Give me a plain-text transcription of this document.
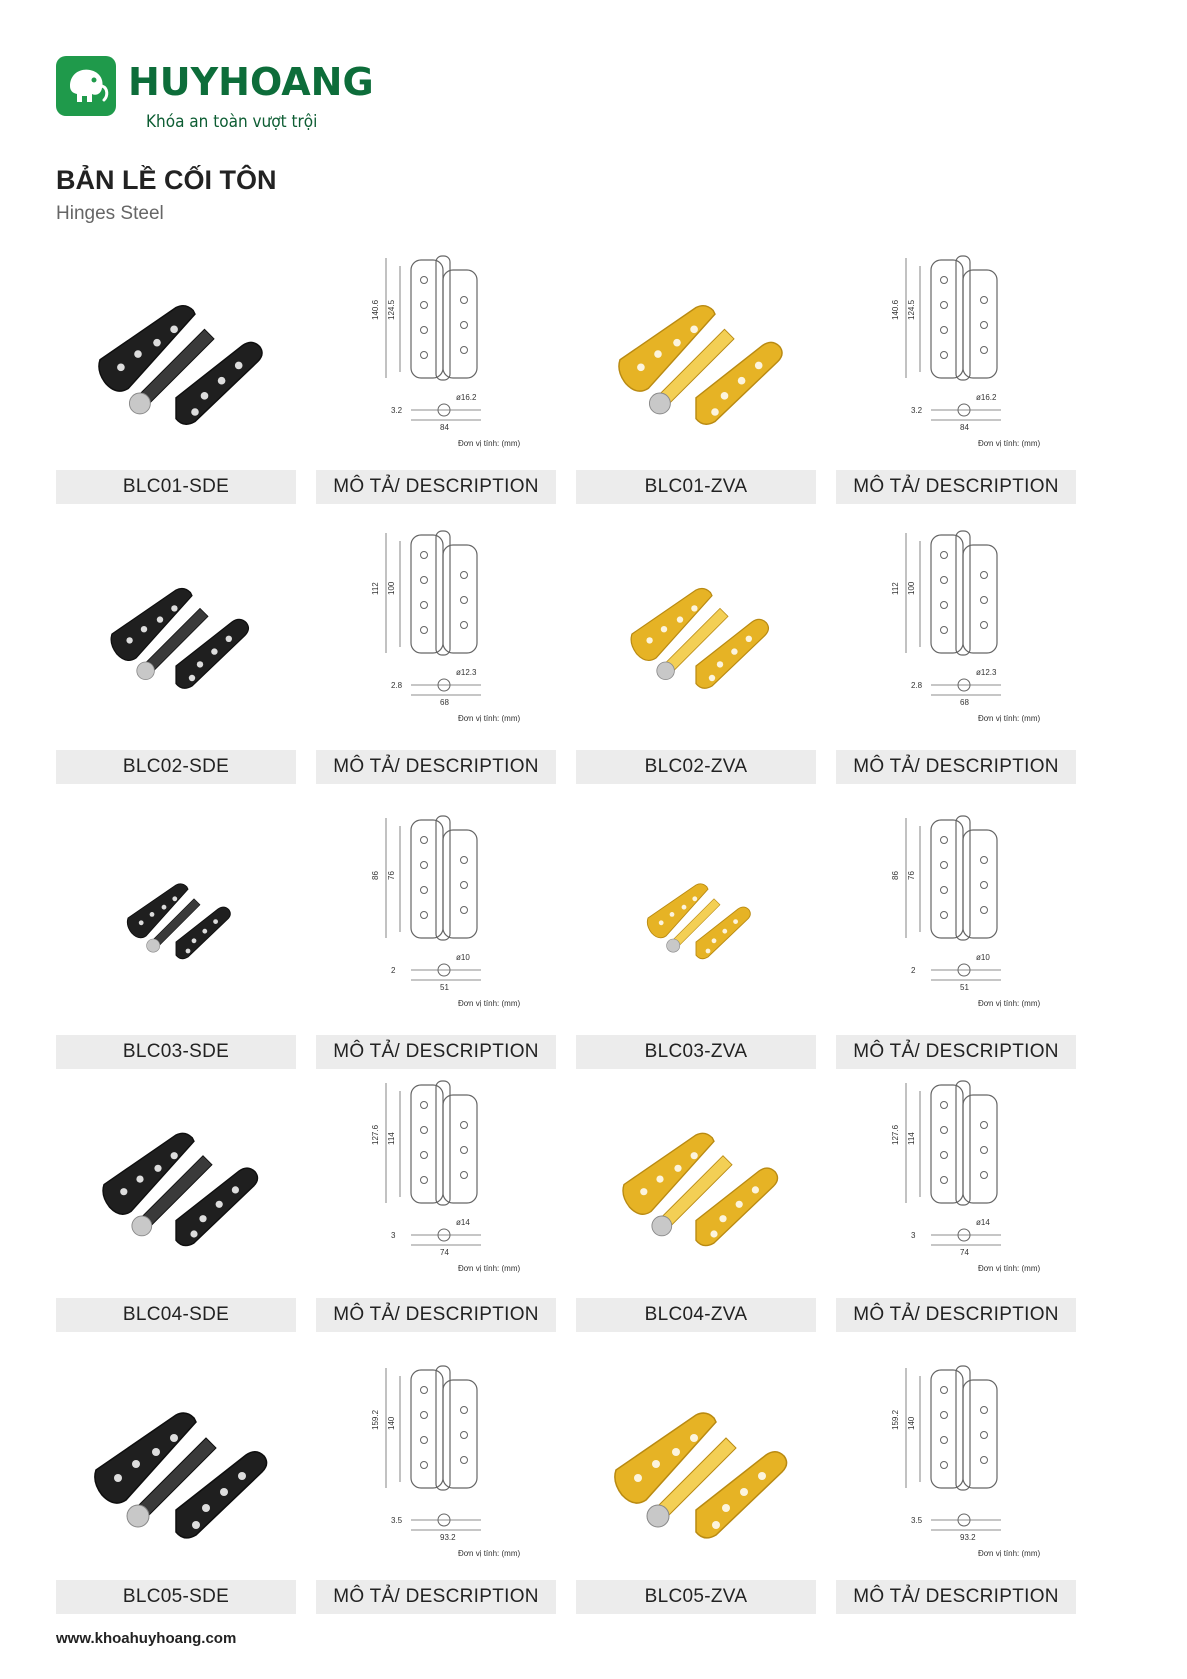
HUYHOANG
Khóa an toàn vượt trội
BẢN LỀ CỐI TÔN
Hinges Steel
BLC01-SDE
140.6 124.5
3.2
84
ø16.2
Đơn vị tính: (mm)
MÔ TẢ/ DESCRIPTION	BLC01-ZVA
140.6 124.5
3.2
84
ø16.2
Đơn vị tính: (mm)
MÔ TẢ/ DESCRIPTION
BLC02-SDE
112 100
2.8
68
ø12.3
Đơn vị tính: (mm)
MÔ TẢ/ DESCRIPTION	BLC02-ZVA
112 100
2.8
68
ø12.3
Đơn vị tính: (mm)
MÔ TẢ/ DESCRIPTION
BLC03-SDE
86 76
2
51
ø10
Đơn vị tính: (mm)
MÔ TẢ/ DESCRIPTION	BLC03-ZVA
86 76
2
51
ø10
Đơn vị tính: (mm)
MÔ TẢ/ DESCRIPTION
BLC04-SDE
127.6 114
3
74
ø14
Đơn vị tính: (mm)
MÔ TẢ/ DESCRIPTION	BLC04-ZVA
127.6 114
3
74
ø14
Đơn vị tính: (mm)
MÔ TẢ/ DESCRIPTION
BLC05-SDE
159.2 140
3.5
93.2
Đơn vị tính: (mm)
MÔ TẢ/ DESCRIPTION	BLC05-ZVA
159.2 140
3.5
93.2
Đơn vị tính: (mm)
MÔ TẢ/ DESCRIPTION
www.khoahuyhoang.com
